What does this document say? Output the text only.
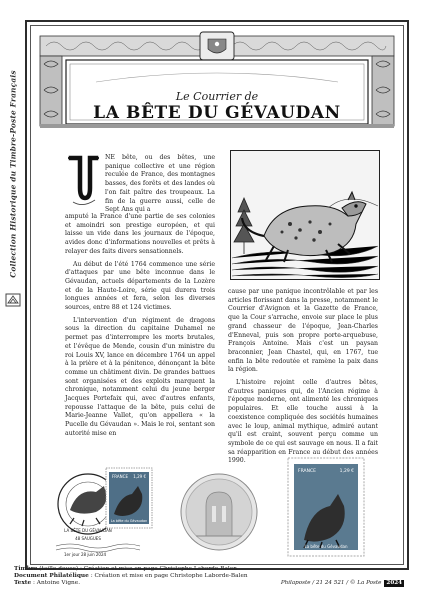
Collection Historique du Timbre-Poste Français	Le Courrier de
LA BÊTE DU GÉVAUDAN

NE bête, ou des bêtes, une panique collective et une région reculée de France, des montagnes basses, des forêts et des landes où l'on fait paître des troupeaux. La fin de la guerre aussi, celle de Sept Ans qui a

amputé la France d'une partie de ses colonies et amoindri son prestige européen, et qui laisse un vide dans les journaux de l'époque, avides donc d'informations nouvelles et prêts à relayer des faits divers sensationnels.

Au début de l'été 1764 commence une série d'attaques par une bête inconnue dans le Gévaudan, actuels départements de la Lozère et de la Haute-Loire, série qui durera trois longues années et fera, selon les diverses sources, entre 88 et 124 victimes.

L'intervention d'un régiment de dragons sous la direction du capitaine Duhamel ne permet pas d'interrompre les morts brutales, et l'évêque de Mende, cousin d'un ministre du roi Louis XV, lance en décembre 1764 un appel à la prière et à la pénitence, dénonçant la bête comme un châtiment divin. De grandes battues sont organisées et des exploits marquent la chronique, notamment celui du jeune berger Jacques Portefaix qui, avec d'autres enfants, repousse l'attaque de la bête, puis celui de Marie-Jeanne Vallet, qu'on appellera « la Pucelle du Gévaudan ». Mais le roi, sentant son autorité mise en

cause par une panique incontrôlable et par les articles florissant dans la presse, notamment le Courrier d'Avignon et la Gazette de France, que la Cour s'arrache, envoie sur place le plus grand chasseur de l'époque, Jean-Charles d'Enneval, puis son propre porte-arquebuse, François Antoine. Mais c'est un paysan braconnier, Jean Chastel, qui, en 1767, tue enfin la bête redoutée et ramène la paix dans la région.

L'histoire rejoint celle d'autres bêtes, d'autres paniques qui, de l'Ancien régime à l'époque moderne, ont alimenté les chroniques populaires. Et elle touche aussi à la coexistence compliquée des sociétés humaines avec le loup, animal mythique, admiré autant qu'il est craint, souvent perçu comme un symbole de ce qui est sauvage en nous. Il a fait sa réapparition en France au début des années 1990.

LA BÊTE DU GÉVAUDAN
48 SAUGUES
FRANCE 1,29 €
La bête du Gévaudan
1er jour 28 juin 2024
FRANCE	1,29 €
La bête du Gévaudan
Timbre (taille-douce) : Création et mise en page Christophe Laborde-Balen
Document Philatélique : Création et mise en page Christophe Laborde-Balen
Texte : Antoine Vigne.	Philaposte / 21 24 521 / © La Poste 2024
